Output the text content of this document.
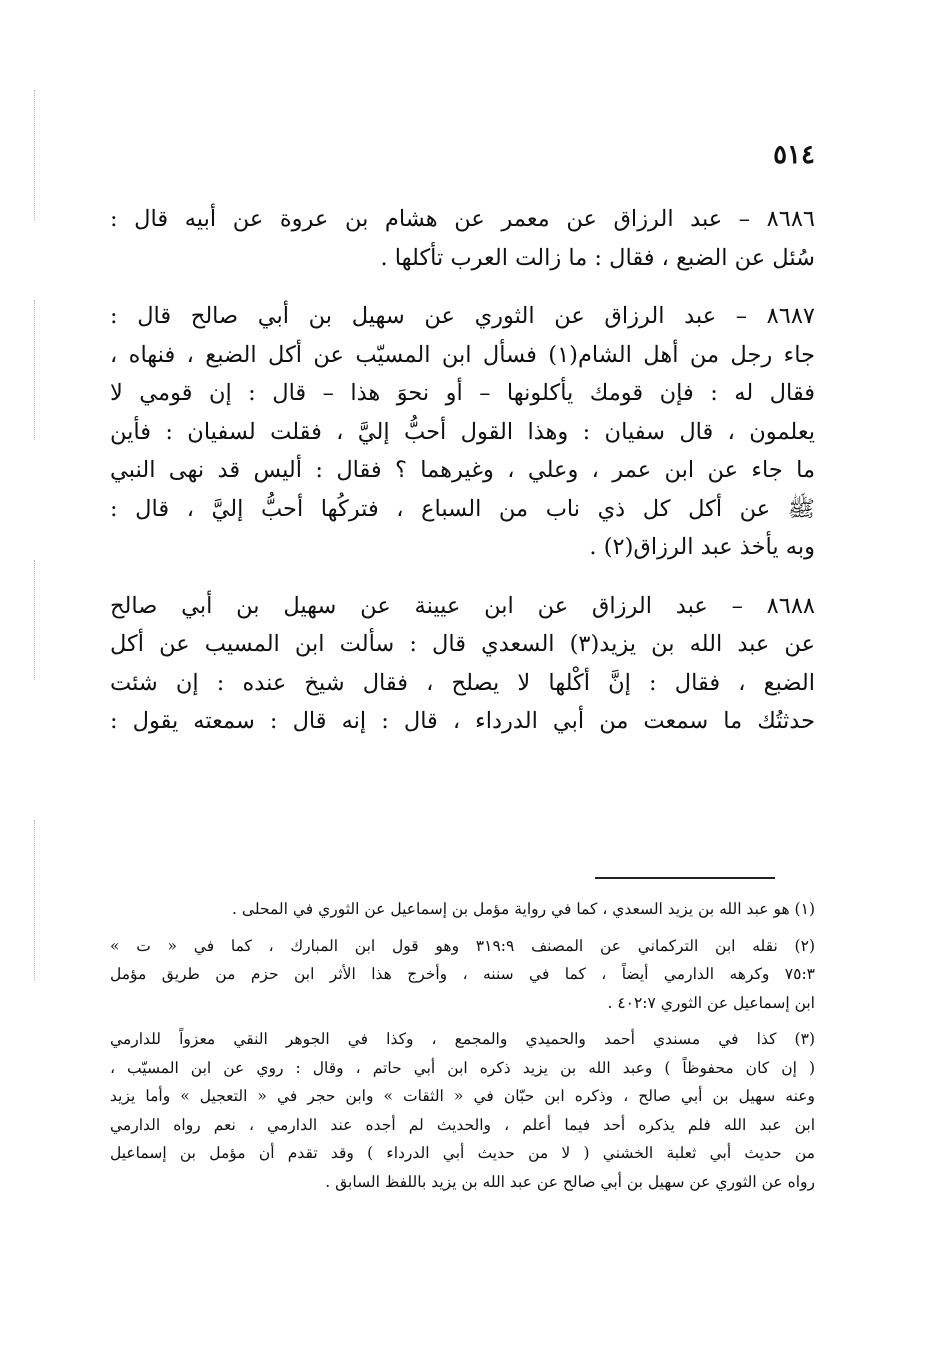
٥١٤
٨٦٨٦ – عبد الرزاق عن معمر عن هشام بن عروة عن أبيه قال :
سُئل عن الضبع ، فقال : ما زالت العرب تأكلها .
٨٦٨٧ – عبد الرزاق عن الثوري عن سهيل بن أبي صالح قال :
جاء رجل من أهل الشام(١) فسأل ابن المسيّب عن أكل الضبع ، فنهاه ،
فقال له : فإن قومك يأكلونها – أو نحوَ هذا – قال : إن قومي لا
يعلمون ، قال سفيان : وهذا القول أحبُّ إليَّ ، فقلت لسفيان : فأين
ما جاء عن ابن عمر ، وعلي ، وغيرهما ؟ فقال : أليس قد نهى النبي
ﷺ عن أكل كل ذي ناب من السباع ، فتركُها أحبُّ إليَّ ، قال :
وبه يأخذ عبد الرزاق(٢) .
٨٦٨٨ – عبد الرزاق عن ابن عيينة عن سهيل بن أبي صالح
عن عبد الله بن يزيد(٣) السعدي قال : سألت ابن المسيب عن أكل
الضبع ، فقال : إنَّ أكْلها لا يصلح ، فقال شيخ عنده : إن شئت
حدثتُك ما سمعت من أبي الدرداء ، قال : إنه قال : سمعته يقول :
(١) هو عبد الله بن يزيد السعدي ، كما في رواية مؤمل بن إسماعيل عن الثوري في المحلى .
(٢) نقله ابن التركماني عن المصنف ٣١٩:٩ وهو قول ابن المبارك ، كما في « ت »
٧٥:٣ وكرهه الدارمي أيضاً ، كما في سننه ، وأخرج هذا الأثر ابن حزم من طريق مؤمل
ابن إسماعيل عن الثوري ٤٠٢:٧ .
(٣) كذا في مسندي أحمد والحميدي والمجمع ، وكذا في الجوهر النقي معزواً للدارمي
( إن كان محفوظاً ) وعبد الله بن يزيد ذكره ابن أبي حاتم ، وقال : روي عن ابن المسيّب ،
وعنه سهيل بن أبي صالح ، وذكره ابن حبّان في « الثقات » وابن حجر في « التعجيل » وأما يزيد
ابن عبد الله فلم يذكره أحد فيما أعلم ، والحديث لم أجده عند الدارمي ، نعم رواه الدارمي
من حديث أبي ثعلبة الخشني ( لا من حديث أبي الدرداء ) وقد تقدم أن مؤمل بن إسماعيل
رواه عن الثوري عن سهيل بن أبي صالح عن عبد الله بن يزيد باللفظ السابق .
